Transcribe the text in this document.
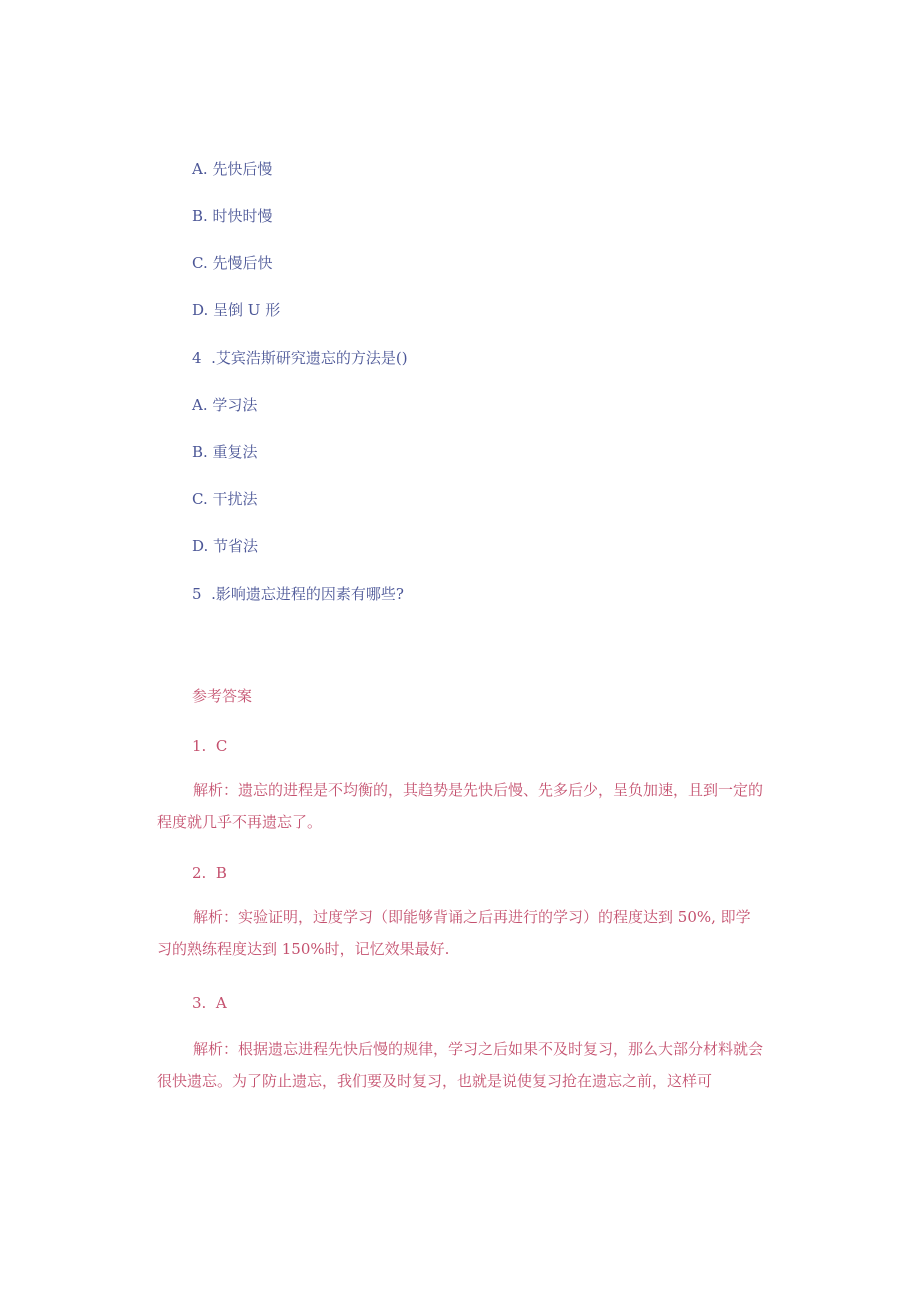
A. 先快后慢
B. 时快时慢
C. 先慢后快
D. 呈倒 U 形
4  .艾宾浩斯研究遗忘的方法是()
A. 学习法
B. 重复法
C. 干扰法
D. 节省法
5  .影响遗忘进程的因素有哪些?
参考答案
1.  C
解析：遗忘的进程是不均衡的，其趋势是先快后慢、先多后少，呈负加速，且到一定的程度就几乎不再遗忘了。
2.  B
解析：实验证明，过度学习（即能够背诵之后再进行的学习）的程度达到 50%, 即学习的熟练程度达到 150%时，记忆效果最好.
3.  A
解析：根据遗忘进程先快后慢的规律，学习之后如果不及时复习，那么大部分材料就会很快遗忘。为了防止遗忘，我们要及时复习，也就是说使复习抢在遗忘之前，这样可
